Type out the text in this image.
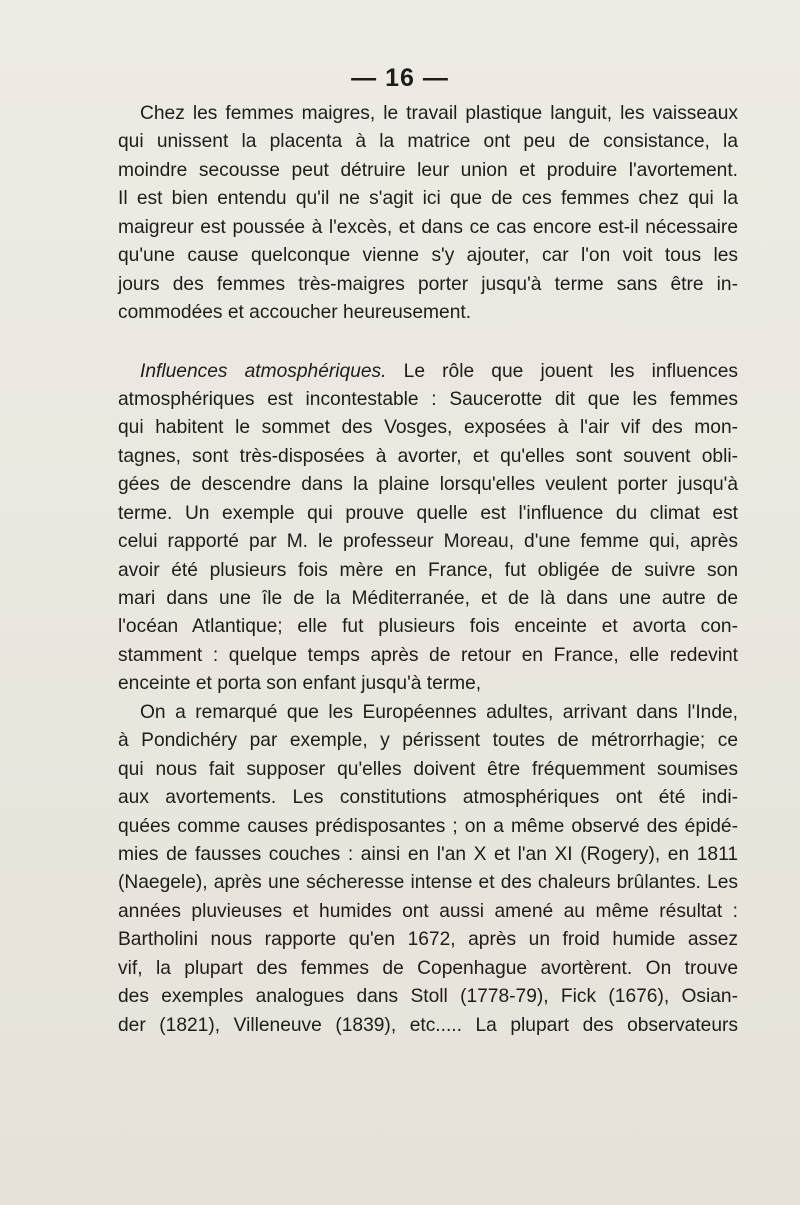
— 16 —
Chez les femmes maigres, le travail plastique languit, les vaisseaux
qui unissent la placenta à la matrice ont peu de consistance, la
moindre secousse peut détruire leur union et produire l'avortement.
Il est bien entendu qu'il ne s'agit ici que de ces femmes chez qui la
maigreur est poussée à l'excès, et dans ce cas encore est-il nécessaire
qu'une cause quelconque vienne s'y ajouter, car l'on voit tous les
jours des femmes très-maigres porter jusqu'à terme sans être in-
commodées et accoucher heureusement.
Influences atmosphériques. Le rôle que jouent les influences
atmosphériques est incontestable : Saucerotte dit que les femmes
qui habitent le sommet des Vosges, exposées à l'air vif des mon-
tagnes, sont très-disposées à avorter, et qu'elles sont souvent obli-
gées de descendre dans la plaine lorsqu'elles veulent porter jusqu'à
terme. Un exemple qui prouve quelle est l'influence du climat est
celui rapporté par M. le professeur Moreau, d'une femme qui, après
avoir été plusieurs fois mère en France, fut obligée de suivre son
mari dans une île de la Méditerranée, et de là dans une autre de
l'océan Atlantique; elle fut plusieurs fois enceinte et avorta con-
stamment : quelque temps après de retour en France, elle redevint
enceinte et porta son enfant jusqu'à terme,
On a remarqué que les Européennes adultes, arrivant dans l'Inde,
à Pondichéry par exemple, y périssent toutes de métrorrhagie; ce
qui nous fait supposer qu'elles doivent être fréquemment soumises
aux avortements. Les constitutions atmosphériques ont été indi-
quées comme causes prédisposantes ; on a même observé des épidé-
mies de fausses couches : ainsi en l'an X et l'an XI (Rogery), en 1811
(Naegele), après une sécheresse intense et des chaleurs brûlantes. Les
années pluvieuses et humides ont aussi amené au même résultat :
Bartholini nous rapporte qu'en 1672, après un froid humide assez
vif, la plupart des femmes de Copenhague avortèrent. On trouve
des exemples analogues dans Stoll (1778-79), Fick (1676), Osian-
der (1821), Villeneuve (1839), etc..... La plupart des observateurs
